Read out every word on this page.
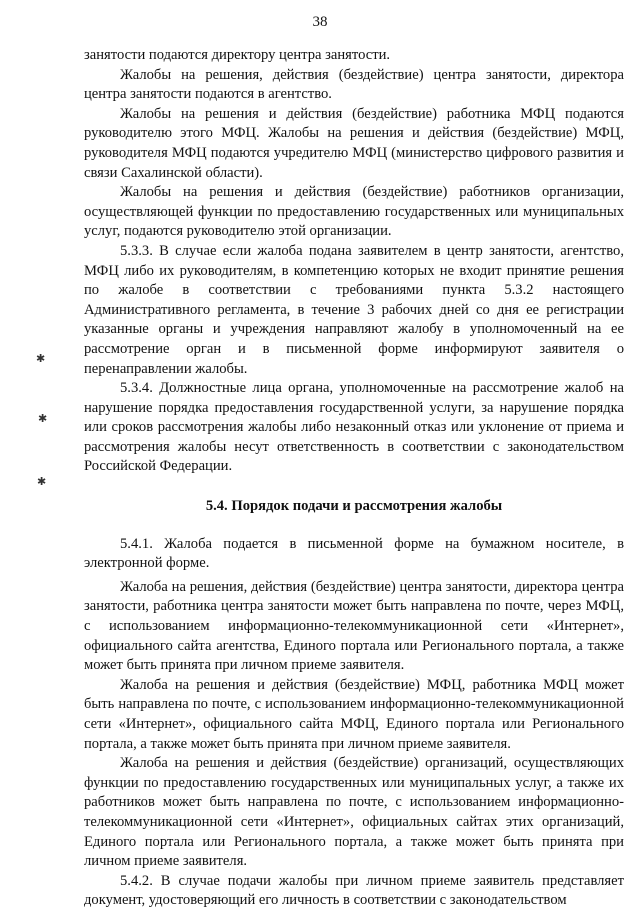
38
✱
✱
✱

занятости подаются директору центра занятости.

Жалобы на решения, действия (бездействие) центра занятости, директора центра занятости подаются в агентство.

Жалобы на решения и действия (бездействие) работника МФЦ подаются руководителю этого МФЦ. Жалобы на решения и действия (бездействие) МФЦ, руководителя МФЦ подаются учредителю МФЦ (министерство цифрового развития и связи Сахалинской области).

Жалобы на решения и действия (бездействие) работников организации, осуществляющей функции по предоставлению государственных или муниципальных услуг, подаются руководителю этой организации.

5.3.3. В случае если жалоба подана заявителем в центр занятости, агентство, МФЦ либо их руководителям, в компетенцию которых не входит принятие решения по жалобе в соответствии с требованиями пункта 5.3.2 настоящего Административного регламента, в течение 3 рабочих дней со дня ее регистрации указанные органы и учреждения направляют жалобу в уполномоченный на ее рассмотрение орган и в письменной форме информируют заявителя о перенаправлении жалобы.

5.3.4. Должностные лица органа, уполномоченные на рассмотрение жалоб на нарушение порядка предоставления государственной услуги, за нарушение порядка или сроков рассмотрения жалобы либо незаконный отказ или уклонение от приема и рассмотрения жалобы несут ответственность в соответствии с законодательством Российской Федерации.

5.4. Порядок подачи и рассмотрения жалобы

5.4.1. Жалоба подается в письменной форме на бумажном носителе, в электронной форме.

Жалоба на решения, действия (бездействие) центра занятости, директора центра занятости, работника центра занятости может быть направлена по почте, через МФЦ, с использованием информационно-телекоммуникационной сети «Интернет», официального сайта агентства, Единого портала или Регионального портала, а также может быть принята при личном приеме заявителя.

Жалоба на решения и действия (бездействие) МФЦ, работника МФЦ может быть направлена по почте, с использованием информационно-телекоммуникационной сети «Интернет», официального сайта МФЦ, Единого портала или Регионального портала, а также может быть принята при личном приеме заявителя.

Жалоба на решения и действия (бездействие) организаций, осуществляющих функции по предоставлению государственных или муниципальных услуг, а также их работников может быть направлена по почте, с использованием информационно-телекоммуникационной сети «Интернет», официальных сайтах этих организаций, Единого портала или Регионального портала, а также может быть принята при личном приеме заявителя.

5.4.2. В случае подачи жалобы при личном приеме заявитель представляет документ, удостоверяющий его личность в соответствии с законодательством
